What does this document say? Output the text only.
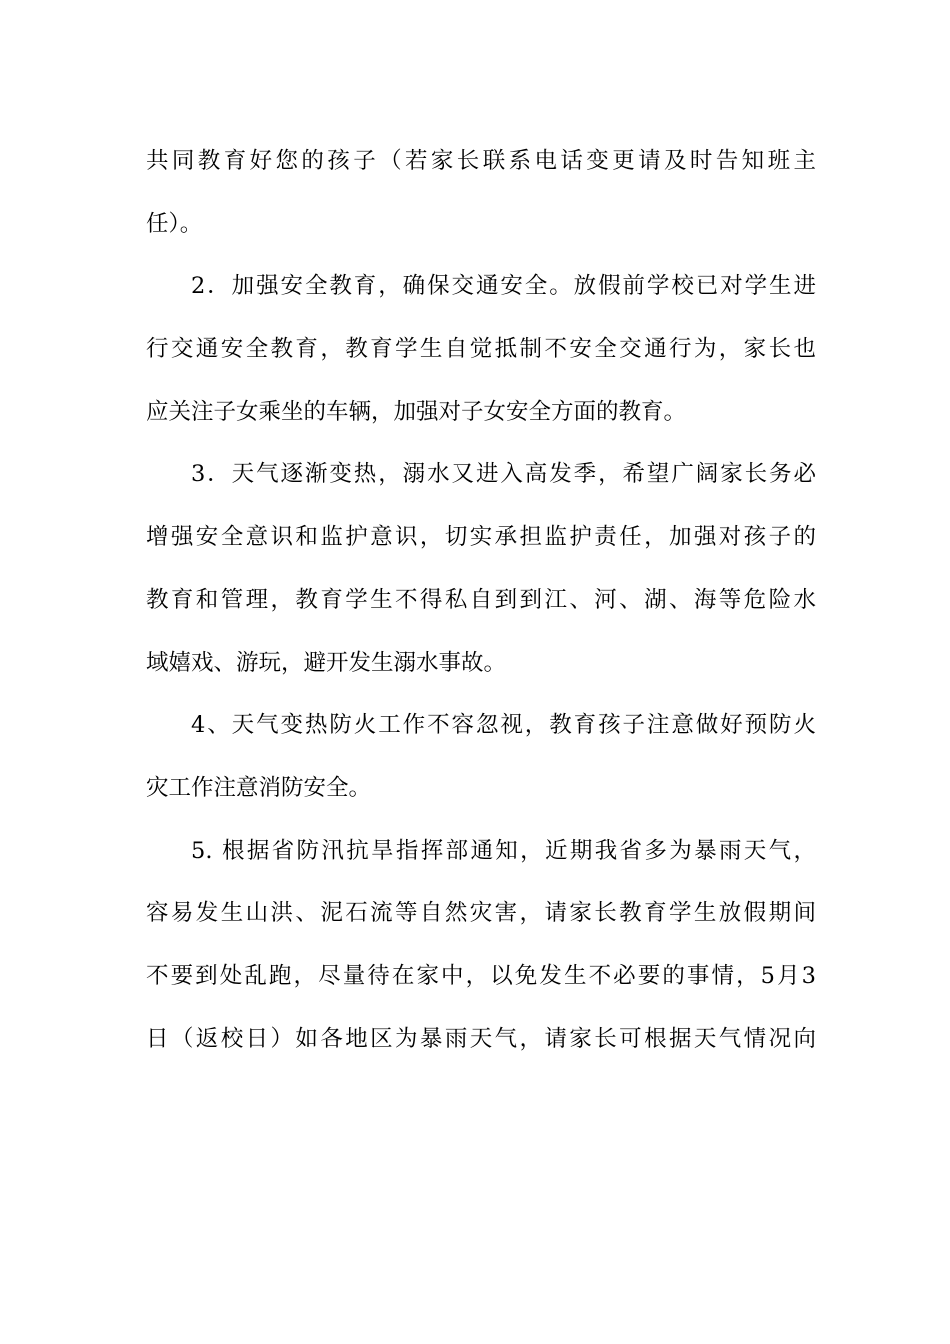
共同教育好您的孩子（若家长联系电话变更请及时告知班主
任）。
2．加强安全教育，确保交通安全。放假前学校已对学生进
行交通安全教育，教育学生自觉抵制不安全交通行为，家长也
应关注子女乘坐的车辆，加强对子女安全方面的教育。
3．天气逐渐变热，溺水又进入高发季，希望广阔家长务必
增强安全意识和监护意识，切实承担监护责任，加强对孩子的
教育和管理，教育学生不得私自到到江、河、湖、海等危险水
域嬉戏、游玩，避开发生溺水事故。
4、天气变热防火工作不容忽视，教育孩子注意做好预防火
灾工作注意消防安全。
5. 根据省防汛抗旱指挥部通知，近期我省多为暴雨天气，
容易发生山洪、泥石流等自然灾害，请家长教育学生放假期间
不要到处乱跑，尽量待在家中，以免发生不必要的事情，5月3
日（返校日）如各地区为暴雨天气，请家长可根据天气情况向
